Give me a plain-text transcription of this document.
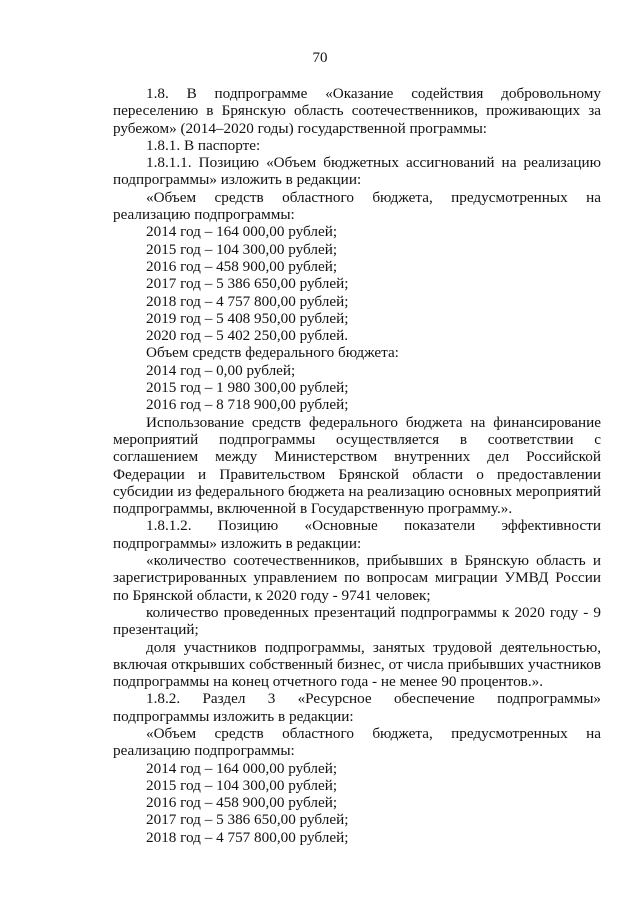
70

1.8. В подпрограмме «Оказание содействия добровольному переселению в Брянскую область соотечественников, проживающих за рубежом» (2014–2020 годы) государственной программы:

1.8.1. В паспорте:

1.8.1.1. Позицию «Объем бюджетных ассигнований на реализацию подпрограммы» изложить в редакции:

«Объем средств областного бюджета, предусмотренных на реализацию подпрограммы:

2014 год – 164 000,00 рублей;

2015 год – 104 300,00 рублей;

2016 год – 458 900,00 рублей;

2017 год – 5 386 650,00 рублей;

2018 год – 4 757 800,00 рублей;

2019 год – 5 408 950,00 рублей;

2020 год – 5 402 250,00 рублей.

Объем средств федерального бюджета:

2014 год – 0,00 рублей;

2015 год – 1 980 300,00 рублей;

2016 год – 8 718 900,00 рублей;

Использование средств федерального бюджета на финансирование мероприятий подпрограммы осуществляется в соответствии с соглашением между Министерством внутренних дел Российской Федерации и Правительством Брянской области о предоставлении субсидии из федерального бюджета на реализацию основных мероприятий подпрограммы, включенной в Государственную программу.».

1.8.1.2. Позицию «Основные показатели эффективности подпрограммы» изложить в редакции:

«количество соотечественников, прибывших в Брянскую область и зарегистрированных управлением по вопросам миграции УМВД России по Брянской области, к 2020 году - 9741 человек;

количество проведенных презентаций подпрограммы к 2020 году - 9 презентаций;

доля участников подпрограммы, занятых трудовой деятельностью, включая открывших собственный бизнес, от числа прибывших участников подпрограммы на конец отчетного года - не менее 90 процентов.».

1.8.2. Раздел 3 «Ресурсное обеспечение подпрограммы» подпрограммы изложить в редакции:

«Объем средств областного бюджета, предусмотренных на реализацию подпрограммы:

2014 год – 164 000,00 рублей;

2015 год – 104 300,00 рублей;

2016 год – 458 900,00 рублей;

2017 год – 5 386 650,00 рублей;

2018 год – 4 757 800,00 рублей;
